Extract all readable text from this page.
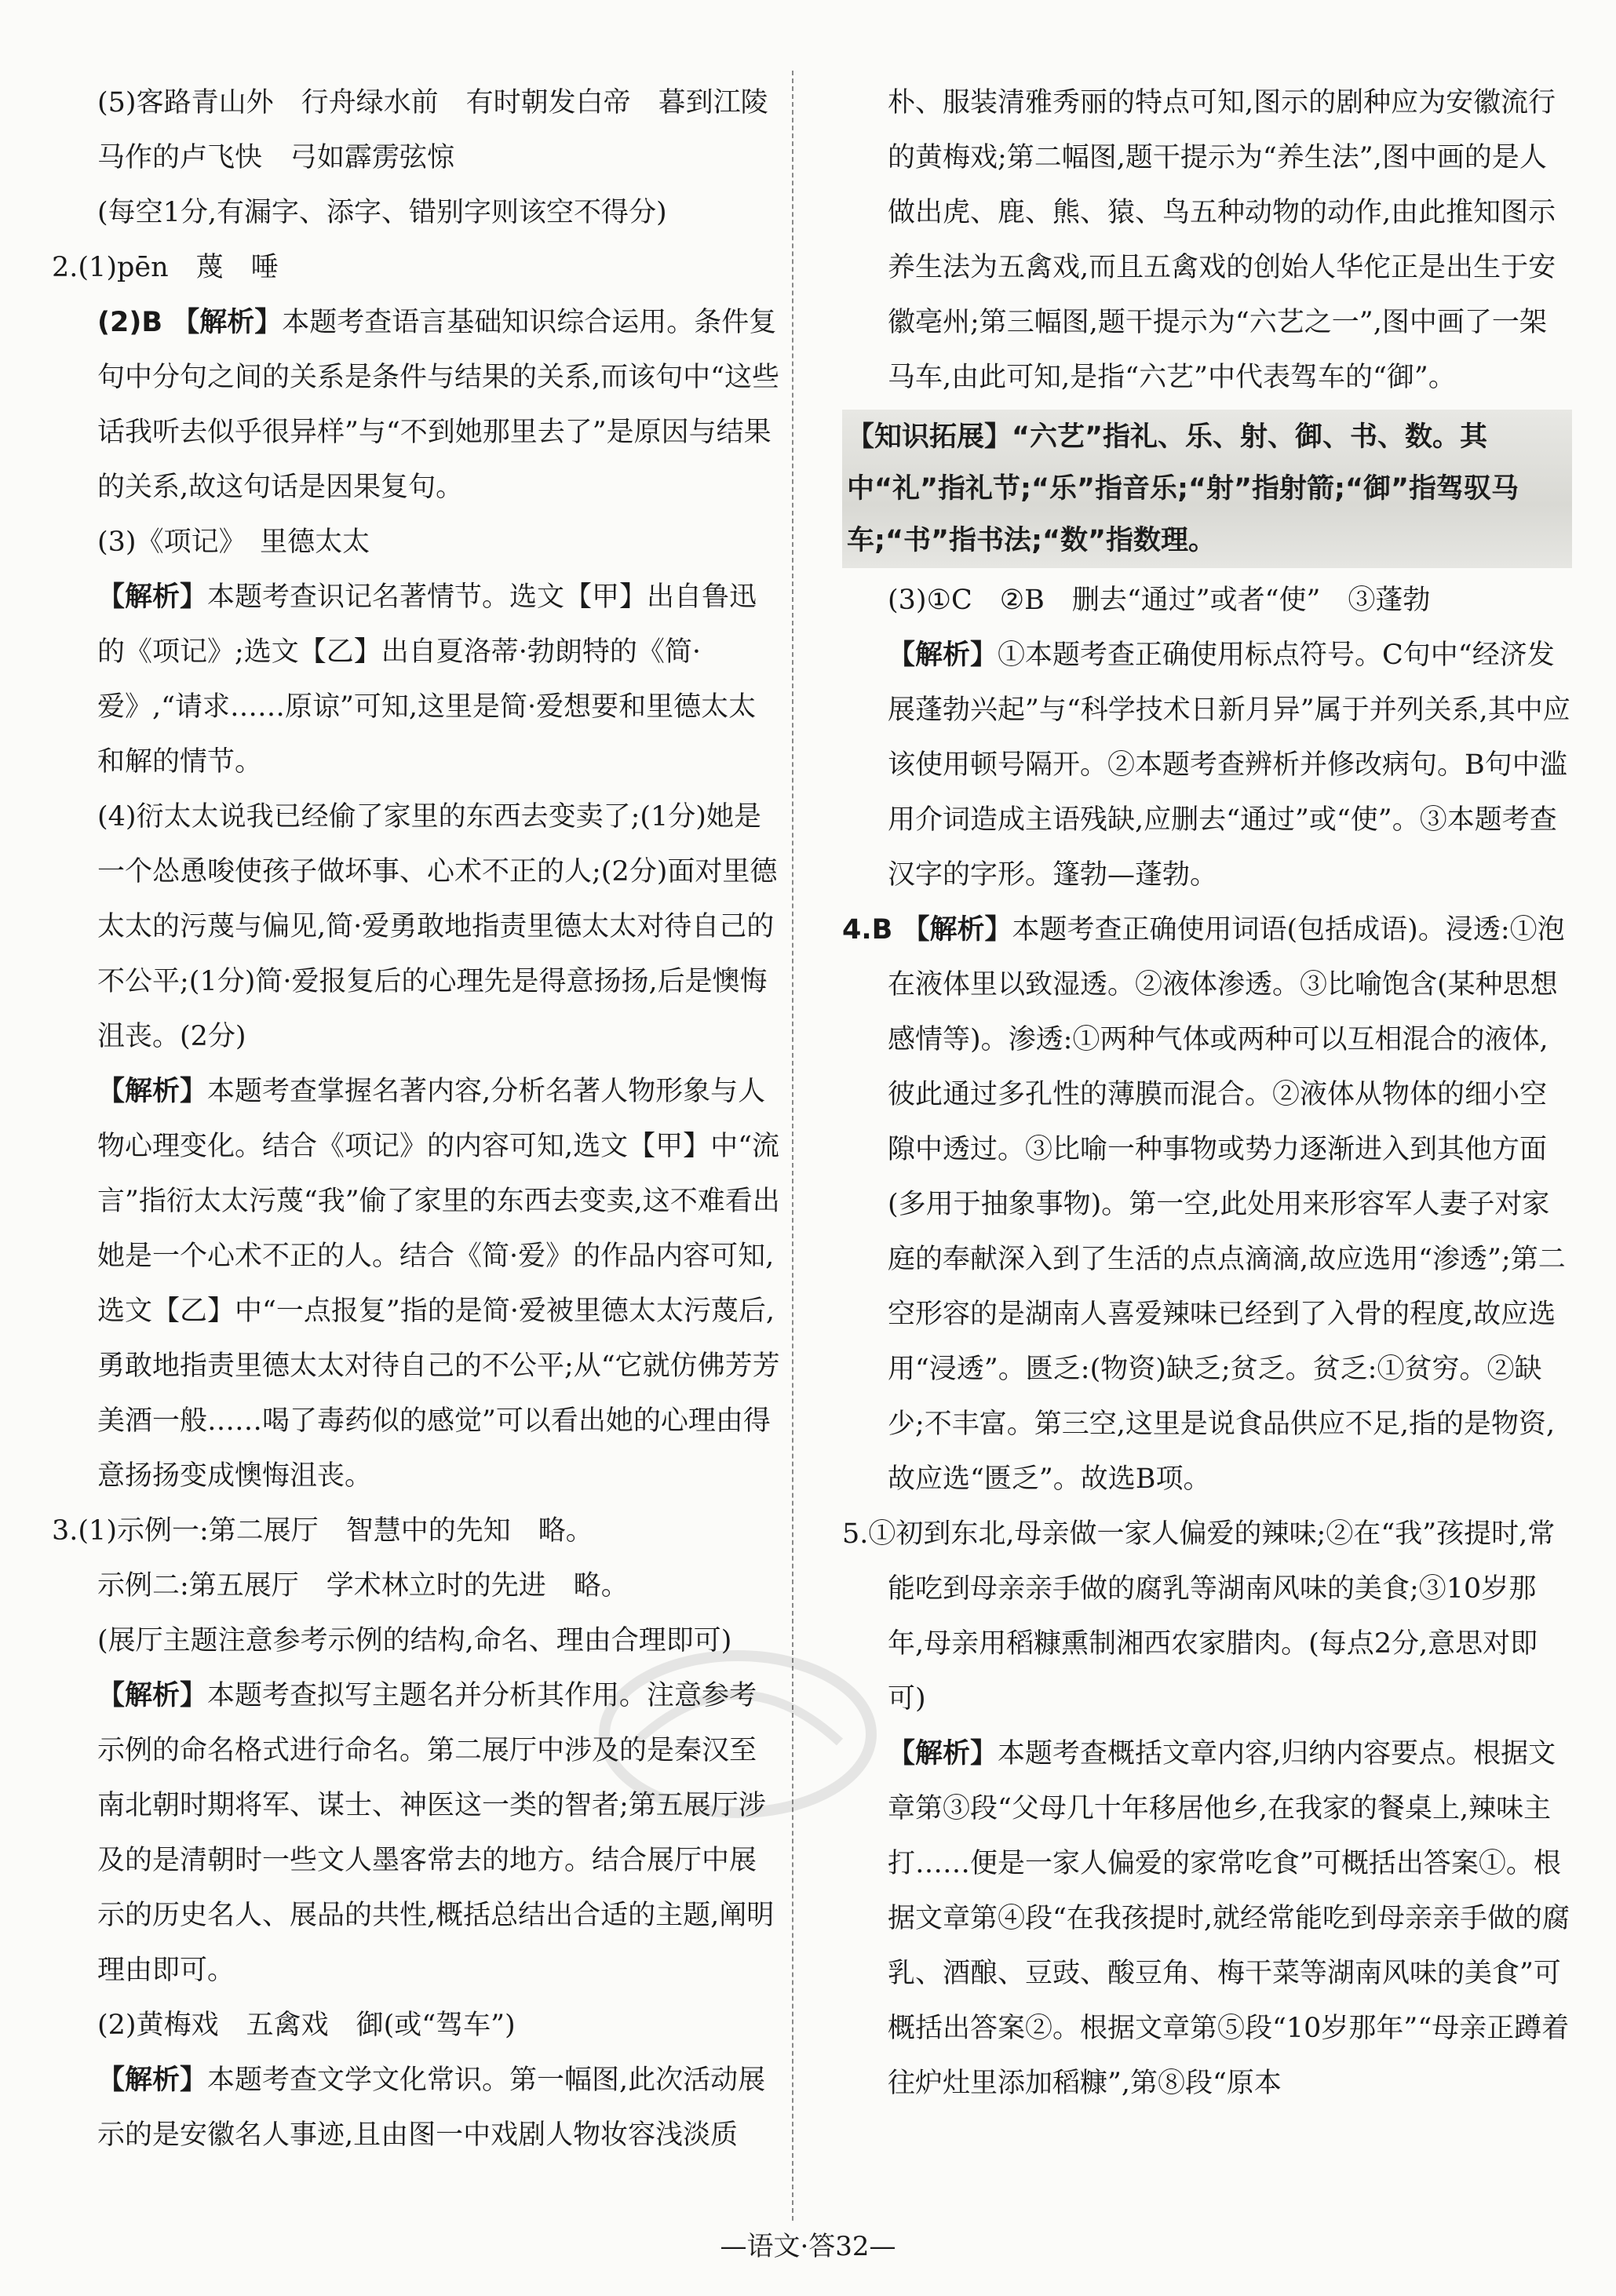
(5)客路青山外　行舟绿水前　有时朝发白帝　暮到江陵　马作的卢飞快　弓如霹雳弦惊

(每空1分,有漏字、添字、错别字则该空不得分)

2.(1)pēn　蔑　唾

(2)B 【解析】本题考查语言基础知识综合运用。条件复句中分句之间的关系是条件与结果的关系,而该句中“这些话我听去似乎很异样”与“不到她那里去了”是原因与结果的关系,故这句话是因果复句。

(3)《项记》　里德太太

【解析】本题考查识记名著情节。选文【甲】出自鲁迅的《项记》;选文【乙】出自夏洛蒂·勃朗特的《简·爱》,“请求……原谅”可知,这里是简·爱想要和里德太太和解的情节。

(4)衍太太说我已经偷了家里的东西去变卖了;(1分)她是一个怂恿唆使孩子做坏事、心术不正的人;(2分)面对里德太太的污蔑与偏见,简·爱勇敢地指责里德太太对待自己的不公平;(1分)简·爱报复后的心理先是得意扬扬,后是懊悔沮丧。(2分)

【解析】本题考查掌握名著内容,分析名著人物形象与人物心理变化。结合《项记》的内容可知,选文【甲】中“流言”指衍太太污蔑“我”偷了家里的东西去变卖,这不难看出她是一个心术不正的人。结合《简·爱》的作品内容可知,选文【乙】中“一点报复”指的是简·爱被里德太太污蔑后,勇敢地指责里德太太对待自己的不公平;从“它就仿佛芳芳美酒一般……喝了毒药似的感觉”可以看出她的心理由得意扬扬变成懊悔沮丧。

3.(1)示例一:第二展厅　智慧中的先知　略。

示例二:第五展厅　学术林立时的先进　略。

(展厅主题注意参考示例的结构,命名、理由合理即可)

【解析】本题考查拟写主题名并分析其作用。注意参考示例的命名格式进行命名。第二展厅中涉及的是秦汉至南北朝时期将军、谋士、神医这一类的智者;第五展厅涉及的是清朝时一些文人墨客常去的地方。结合展厅中展示的历史名人、展品的共性,概括总结出合适的主题,阐明理由即可。

(2)黄梅戏　五禽戏　御(或“驾车”)

【解析】本题考查文学文化常识。第一幅图,此次活动展示的是安徽名人事迹,且由图一中戏剧人物妆容浅淡质

朴、服装清雅秀丽的特点可知,图示的剧种应为安徽流行的黄梅戏;第二幅图,题干提示为“养生法”,图中画的是人做出虎、鹿、熊、猿、鸟五种动物的动作,由此推知图示养生法为五禽戏,而且五禽戏的创始人华佗正是出生于安徽亳州;第三幅图,题干提示为“六艺之一”,图中画了一架马车,由此可知,是指“六艺”中代表驾车的“御”。

【知识拓展】“六艺”指礼、乐、射、御、书、数。其中“礼”指礼节;“乐”指音乐;“射”指射箭;“御”指驾驭马车;“书”指书法;“数”指数理。

(3)①C　②B　删去“通过”或者“使”　③蓬勃

【解析】①本题考查正确使用标点符号。C句中“经济发展蓬勃兴起”与“科学技术日新月异”属于并列关系,其中应该使用顿号隔开。②本题考查辨析并修改病句。B句中滥用介词造成主语残缺,应删去“通过”或“使”。③本题考查汉字的字形。篷勃—蓬勃。

4.B 【解析】本题考查正确使用词语(包括成语)。浸透:①泡在液体里以致湿透。②液体渗透。③比喻饱含(某种思想感情等)。渗透:①两种气体或两种可以互相混合的液体,彼此通过多孔性的薄膜而混合。②液体从物体的细小空隙中透过。③比喻一种事物或势力逐渐进入到其他方面(多用于抽象事物)。第一空,此处用来形容军人妻子对家庭的奉献深入到了生活的点点滴滴,故应选用“渗透”;第二空形容的是湖南人喜爱辣味已经到了入骨的程度,故应选用“浸透”。匮乏:(物资)缺乏;贫乏。贫乏:①贫穷。②缺少;不丰富。第三空,这里是说食品供应不足,指的是物资,故应选“匮乏”。故选B项。

5.①初到东北,母亲做一家人偏爱的辣味;②在“我”孩提时,常能吃到母亲亲手做的腐乳等湖南风味的美食;③10岁那年,母亲用稻糠熏制湘西农家腊肉。(每点2分,意思对即可)

【解析】本题考查概括文章内容,归纳内容要点。根据文章第③段“父母几十年移居他乡,在我家的餐桌上,辣味主打……便是一家人偏爱的家常吃食”可概括出答案①。根据文章第④段“在我孩提时,就经常能吃到母亲亲手做的腐乳、酒酿、豆豉、酸豆角、梅干菜等湖南风味的美食”可概括出答案②。根据文章第⑤段“10岁那年”“母亲正蹲着往炉灶里添加稻糠”,第⑧段“原本

—语文·答32—
